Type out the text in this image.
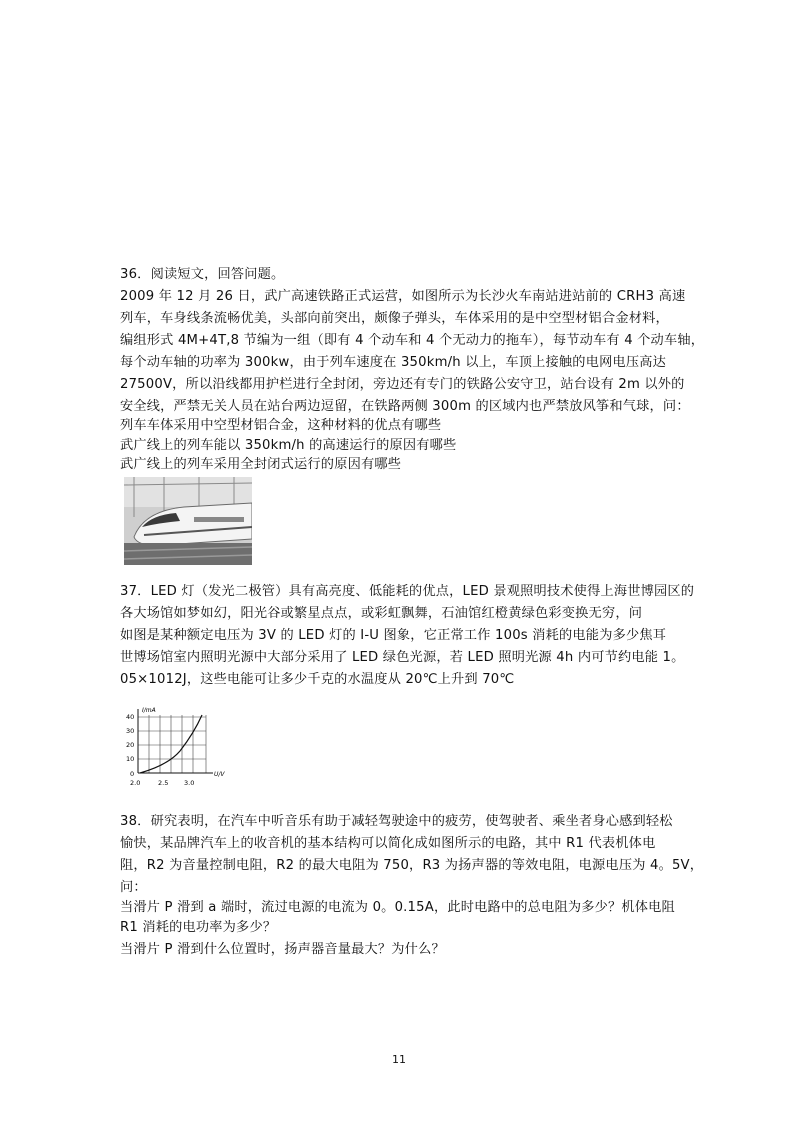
36．阅读短文，回答问题。
2009 年 12 月 26 日，武广高速铁路正式运营，如图所示为长沙火车南站进站前的 CRH3 高速
列车，车身线条流畅优美，头部向前突出，颇像子弹头，车体采用的是中空型材铝合金材料，
编组形式 4M+4T,8 节编为一组（即有 4 个动车和 4 个无动力的拖车），每节动车有 4 个动车轴，
每个动车轴的功率为 300kw，由于列车速度在 350km/h 以上，车顶上接触的电网电压高达
27500V，所以沿线都用护栏进行全封闭，旁边还有专门的铁路公安守卫，站台设有 2m 以外的
安全线，严禁无关人员在站台两边逗留，在铁路两侧 300m 的区域内也严禁放风筝和气球，问：
列车车体采用中空型材铝合金，这种材料的优点有哪些
武广线上的列车能以 350km/h 的高速运行的原因有哪些
武广线上的列车采用全封闭式运行的原因有哪些
37．LED 灯（发光二极管）具有高亮度、低能耗的优点，LED 景观照明技术使得上海世博园区的
各大场馆如梦如幻，阳光谷或繁星点点，或彩虹飘舞，石油馆红橙黄绿色彩变换无穷，问
如图是某种额定电压为 3V 的 LED 灯的 I-U 图象，它正常工作 100s 消耗的电能为多少焦耳
世博场馆室内照明光源中大部分采用了 LED 绿色光源，若 LED 照明光源 4h 内可节约电能 1。
05×1012J，这些电能可让多少千克的水温度从 20℃上升到 70℃
I/mA
U/V
40
30
20
10
0
2.0	2.5 3.0
38．研究表明，在汽车中听音乐有助于减轻驾驶途中的疲劳，使驾驶者、乘坐者身心感到轻松
愉快，某品牌汽车上的收音机的基本结构可以简化成如图所示的电路，其中 R1 代表机体电
阻，R2 为音量控制电阻，R2 的最大电阻为 750，R3 为扬声器的等效电阻，电源电压为 4。5V，
问：
当滑片 P 滑到 a 端时，流过电源的电流为 0。0.15A，此时电路中的总电阻为多少？机体电阻
R1 消耗的电功率为多少？
当滑片 P 滑到什么位置时，扬声器音量最大？为什么？
11
